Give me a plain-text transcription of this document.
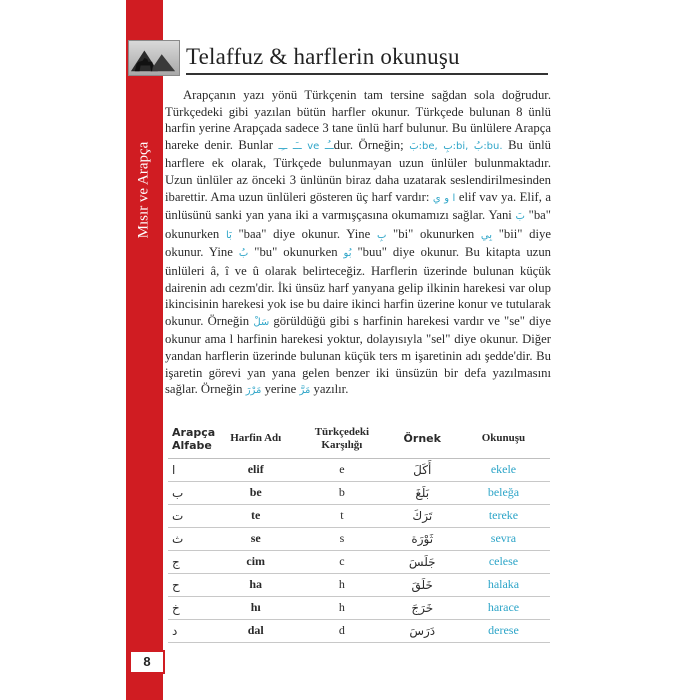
Mısır ve Arapça
8
Telaffuz & harflerin okunuşu

Arapçanın yazı yönü Türkçenin tam tersine sağdan sola doğrudur. Türkçedeki gibi yazılan bütün harfler okunur. Türkçede bulunan 8 ünlü harfin yerine Arapçada sadece 3 tane ünlü harf bulunur. Bu ünlülere Arapça hareke denir. Bunlar ــَـ ــِـ ve ــُـdur. Örneğin; بَ:be, بِ:bi, بُ:bu. Bu ünlü harflere ek olarak, Türkçede bulunmayan uzun ünlüler bulunmaktadır. Uzun ünlüler az önceki 3 ünlünün biraz daha uzatarak seslendirilmesinden ibarettir. Ama uzun ünlüleri gösteren üç harf vardır: ا و ي elif vav ya. Elif, a ünlüsünü sanki yan yana iki a varmışçasına okumamızı sağlar. Yani بَ "ba" okunurken بَا "baa" diye okunur. Yine بِ "bi" okunurken بِي "bii" diye okunur. Yine بُ "bu" okunurken بُو "buu" diye okunur. Bu kitapta uzun ünlüleri â, î ve û olarak belirteceğiz. Harflerin üzerinde bulunan küçük dairenin adı cezm'dir. İki ünsüz harf yanyana gelip ilkinin harekesi var olup ikincisinin harekesi yok ise bu daire ikinci harfin üzerine konur ve tutularak okunur. Örneğin سَلْ görüldüğü gibi s harfinin harekesi vardır ve "se" diye okunur ama l harfinin harekesi yoktur, dolayısıyla "sel" diye okunur. Diğer yandan harflerin üzerinde bulunan küçük ters m işaretinin adı şedde'dir. Bu işaretin görevi yan yana gelen benzer iki ünsüzün bir defa yazılmasını sağlar. Örneğin مَرْرَ yerine مَرَّ yazılır.

Arapça Alfabe	Harfin Adı	Türkçedeki Karşılığı	Örnek	Okunuşu
ا	elif	e	أَكَلَ	ekele
ب	be	b	بَلَغَ	beleğa
ت	te	t	تَرَكَ	tereke
ث	se	s	ثَوْرَة	sevra
ج	cim	c	جَلَسَ	celese
ح	ha	h	خَلَقَ	halaka
خ	hı	h	خَرَجَ	harace
د	dal	d	دَرَسَ	derese
